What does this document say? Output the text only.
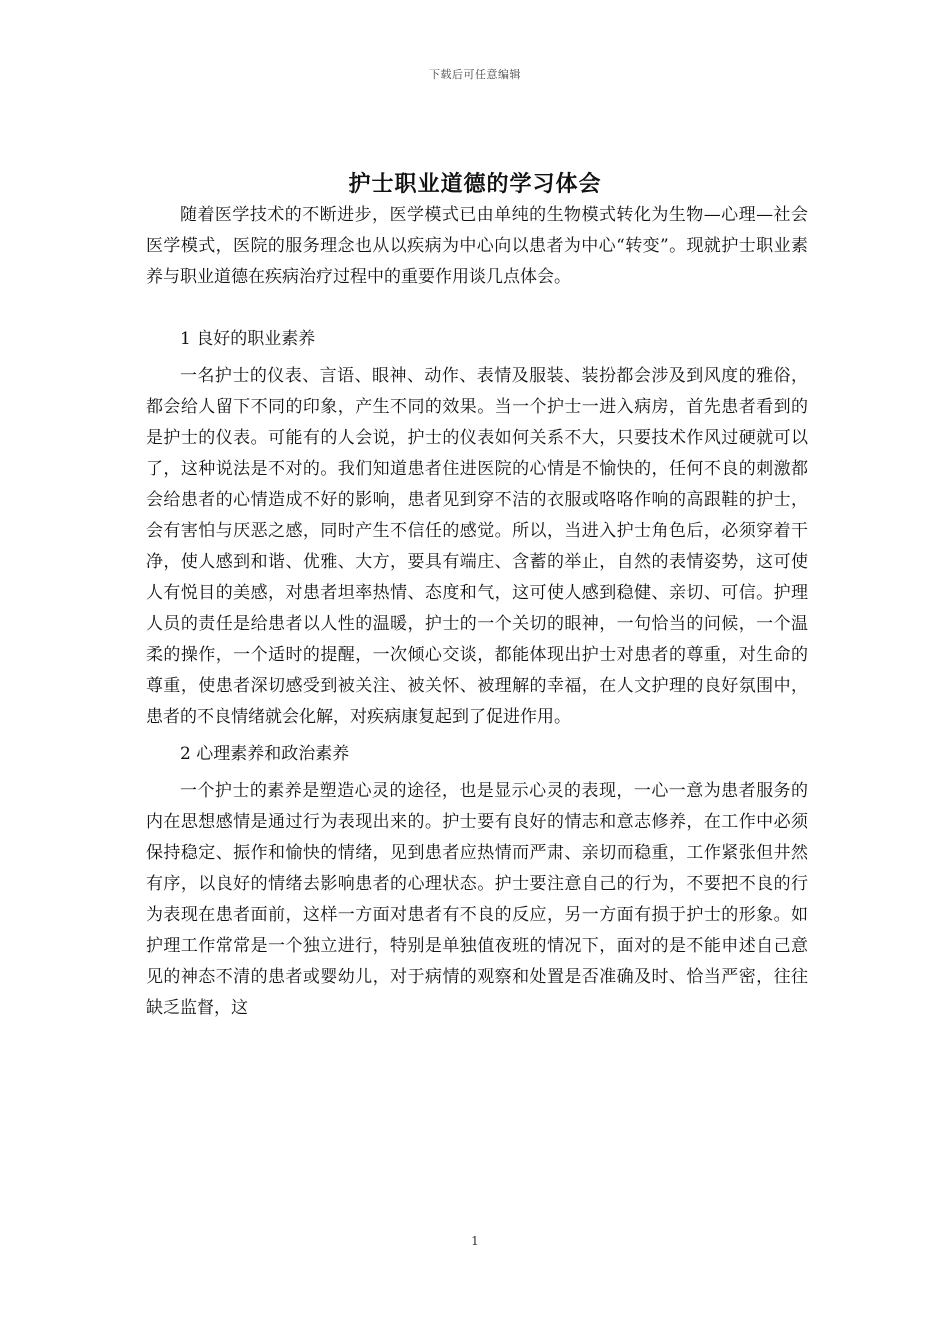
下载后可任意编辑
护士职业道德的学习体会

随着医学技术的不断进步，医学模式已由单纯的生物模式转化为生物—心理—社会医学模式，医院的服务理念也从以疾病为中心向以患者为中心“转变”。现就护士职业素养与职业道德在疾病治疗过程中的重要作用谈几点体会。

1 良好的职业素养

一名护士的仪表、言语、眼神、动作、表情及服装、装扮都会涉及到风度的雅俗，都会给人留下不同的印象，产生不同的效果。当一个护士一进入病房，首先患者看到的是护士的仪表。可能有的人会说，护士的仪表如何关系不大，只要技术作风过硬就可以了，这种说法是不对的。我们知道患者住进医院的心情是不愉快的，任何不良的刺激都会给患者的心情造成不好的影响，患者见到穿不洁的衣服或咯咯作响的高跟鞋的护士，会有害怕与厌恶之感，同时产生不信任的感觉。所以，当进入护士角色后，必须穿着干净，使人感到和谐、优雅、大方，要具有端庄、含蓄的举止，自然的表情姿势，这可使人有悦目的美感，对患者坦率热情、态度和气，这可使人感到稳健、亲切、可信。护理人员的责任是给患者以人性的温暖，护士的一个关切的眼神，一句恰当的问候，一个温柔的操作，一个适时的提醒，一次倾心交谈，都能体现出护士对患者的尊重，对生命的尊重，使患者深切感受到被关注、被关怀、被理解的幸福，在人文护理的良好氛围中，患者的不良情绪就会化解，对疾病康复起到了促进作用。

2 心理素养和政治素养

一个护士的素养是塑造心灵的途径，也是显示心灵的表现，一心一意为患者服务的内在思想感情是通过行为表现出来的。护士要有良好的情志和意志修养，在工作中必须保持稳定、振作和愉快的情绪，见到患者应热情而严肃、亲切而稳重，工作紧张但井然有序，以良好的情绪去影响患者的心理状态。护士要注意自己的行为，不要把不良的行为表现在患者面前，这样一方面对患者有不良的反应，另一方面有损于护士的形象。如护理工作常常是一个独立进行，特别是单独值夜班的情况下，面对的是不能申述自己意见的神态不清的患者或婴幼儿，对于病情的观察和处置是否准确及时、恰当严密，往往缺乏监督，这

1
